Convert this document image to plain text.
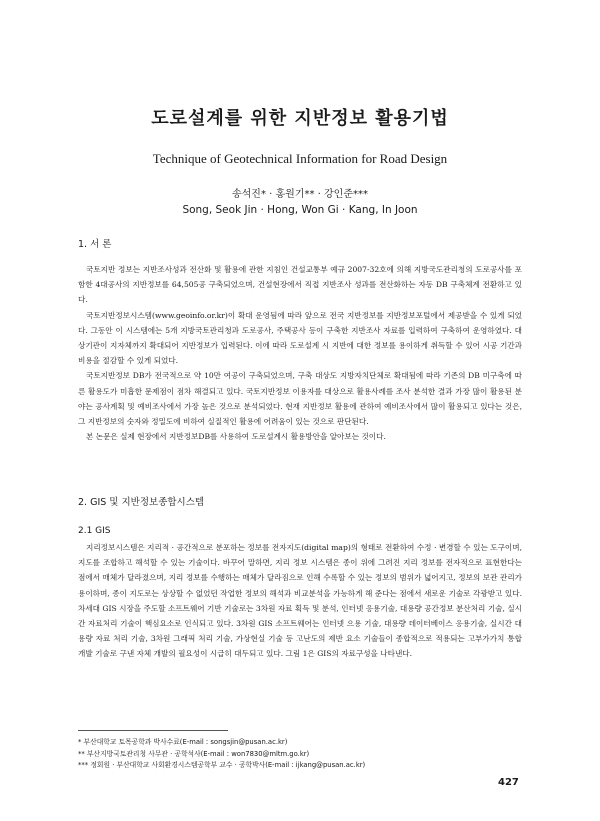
도로설계를 위한 지반정보 활용기법
Technique of Geotechnical Information for Road Design
송석진* · 홍원기** · 강인준***
Song, Seok Jin · Hong, Won Gi · Kang, In Joon
1. 서 론

국토지반 정보는 지반조사성과 전산화 및 활용에 관한 지침인 건설교통부 예규 2007-32호에 의해 지방국도관리청의 도로공사를 포함한 4대공사의 지반정보를 64,505공 구축되었으며, 건설현장에서 직접 지반조사 성과를 전산화하는 자동 DB 구축체계 전환하고 있다.

국토지반정보시스템(www.geoinfo.or.kr)이 확대 운영됨에 따라 앞으로 전국 지반정보를 지반정보포털에서 제공받을 수 있게 되었다. 그동안 이 시스템에는 5개 지방국토관리청과 도로공사, 주택공사 등이 구축한 지반조사 자료를 입력하여 구축하여 운영하였다. 대상기관이 지자체까지 확대되어 지반정보가 입력된다. 이에 따라 도로설계 시 지반에 대한 정보를 용이하게 취득할 수 있어 시공 기간과 비용을 절감할 수 있게 되었다.

국토지반정보 DB가 전국적으로 약 10만 여공이 구축되었으며, 구축 대상도 지방자치단체로 확대됨에 따라 기존의 DB 미구축에 따른 활용도가 미흡한 문제점이 점차 해결되고 있다. 국토지반정보 이용자를 대상으로 활용사례를 조사 분석한 결과 가장 많이 활용된 분야는 공사계획 및 예비조사에서 가장 높은 것으로 분석되었다. 현재 지반정보 활용에 관하여 예비조사에서 많이 활용되고 있다는 것은, 그 지반정보의 숫자와 정밀도에 비하여 실질적인 활용에 어려움이 있는 것으로 판단된다.

본 논문은 실제 현장에서 지반정보DB를 사용하여 도로설계시 활용방안을 알아보는 것이다.

2. GIS 및 지반정보종합시스템
2.1 GIS

지리정보시스템은 지리적 · 공간적으로 분포하는 정보를 전자지도(digital map)의 형태로 전환하여 수정 · 변경할 수 있는 도구이며, 지도를 조합하고 해석할 수 있는 기술이다. 바꾸어 말하면, 지리 정보 시스템은 종이 위에 그려진 지리 정보를 전자적으로 표현한다는 점에서 매체가 달라졌으며, 지리 정보를 수행하는 매체가 달라짐으로 인해 수록할 수 있는 정보의 범위가 넓어지고, 정보의 보관 관리가 용이하며, 종이 지도로는 상상할 수 없었던 작업한 정보의 해석과 비교분석을 가능하게 해 준다는 점에서 새로운 기술로 각광받고 있다. 차세대 GIS 시장을 주도할 소프트웨어 기반 기술로는 3차원 자료 획득 및 분석, 인터넷 응용기술, 대용량 공간정보 분산처리 기술, 실시간 자료처리 기술이 핵심요소로 인식되고 있다. 3차원 GIS 소프트웨어는 인터넷 으용 기술, 대용량 데이터베이스 응용기술, 실시간 대용량 자료 처리 기술, 3차원 그래픽 처리 기술, 가상현실 기술 등 고난도의 제반 요소 기술들이 종합적으로 적용되는 고부가가치 통합 개발 기술로 구낸 자체 개발의 필요성이 시급히 대두되고 있다. 그림 1은 GIS의 자료구성을 나타낸다.

* 부산대학교 토목공학과 박사수료(E-mail : songsjin@pusan.ac.kr)
** 부산지방국토관리청 사무관 · 공학석사(E-mail : won7830@mltm.go.kr)
*** 정회원 · 부산대학교 사회환경시스템공학부 교수 · 공학박사(E-mail : ijkang@pusan.ac.kr)
427
